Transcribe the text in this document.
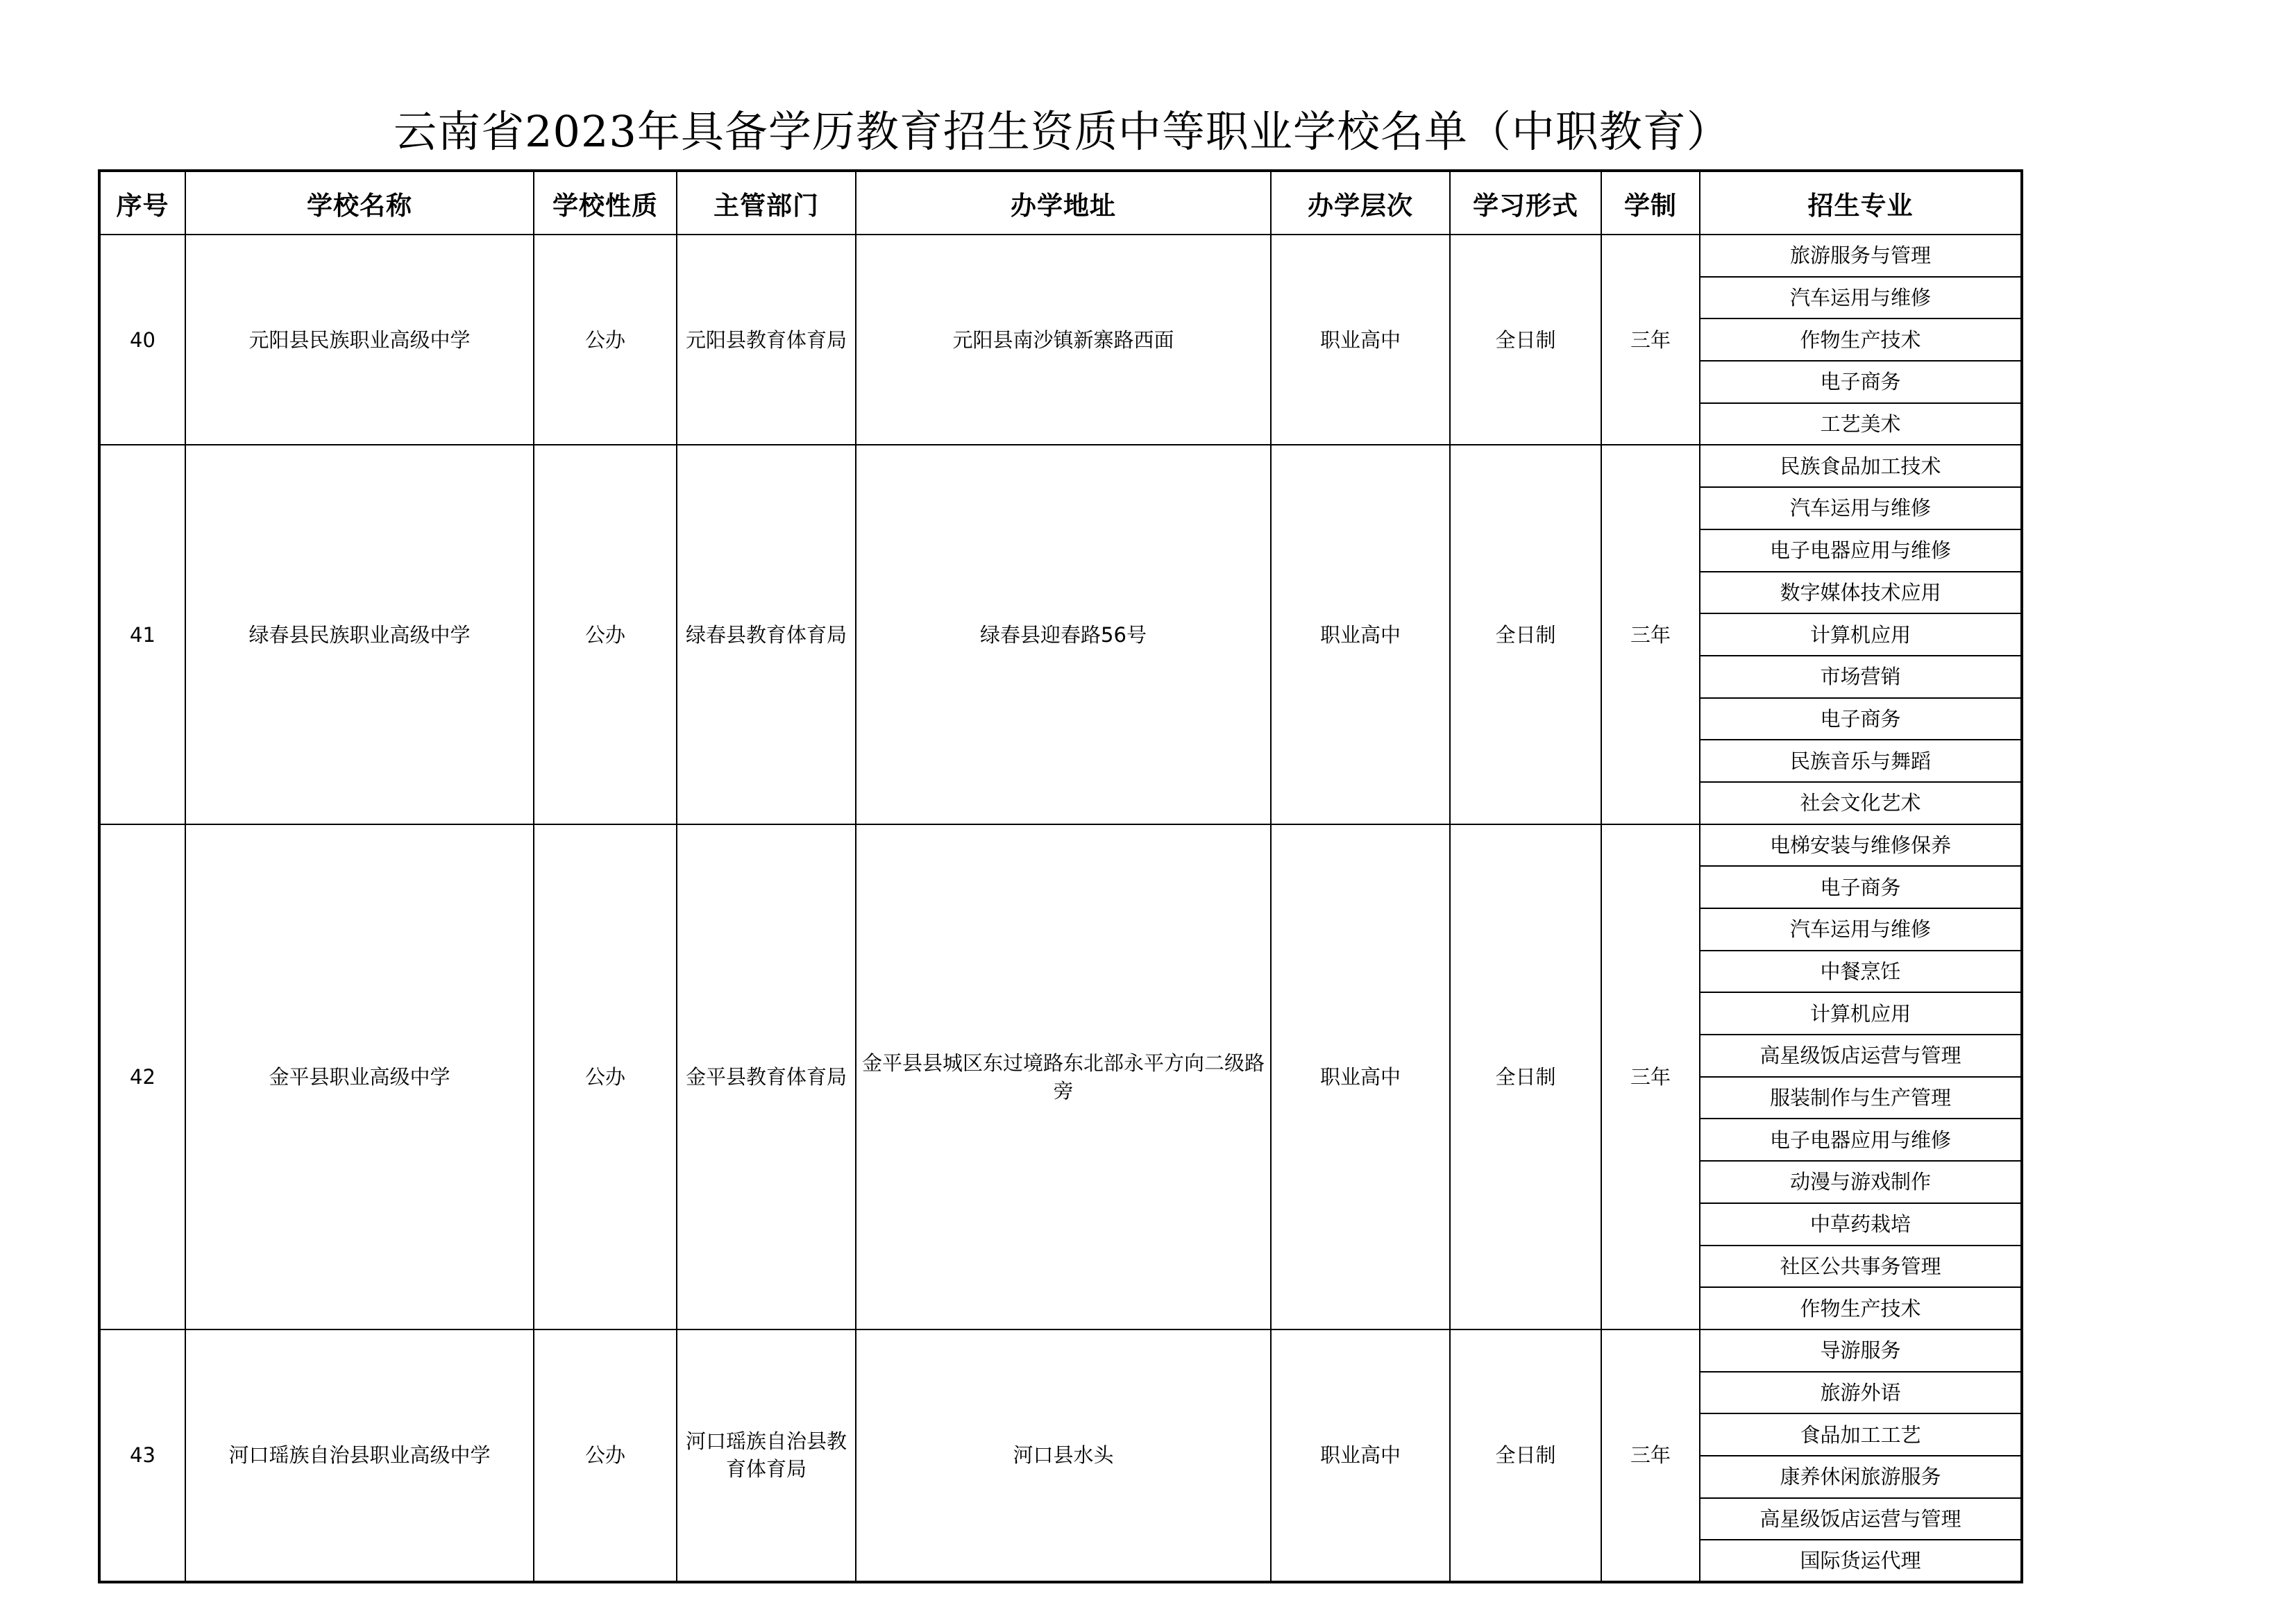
云南省2023年具备学历教育招生资质中等职业学校名单（中职教育）
序号	学校名称	学校性质	主管部门	办学地址	办学层次	学习形式	学制	招生专业
40	元阳县民族职业高级中学	公办	元阳县教育体育局	元阳县南沙镇新寨路西面	职业高中	全日制	三年	旅游服务与管理
								汽车运用与维修
								作物生产技术
								电子商务
								工艺美术
41	绿春县民族职业高级中学	公办	绿春县教育体育局	绿春县迎春路56号	职业高中	全日制	三年	民族食品加工技术
								汽车运用与维修
								电子电器应用与维修
								数字媒体技术应用
								计算机应用
								市场营销
								电子商务
								民族音乐与舞蹈
								社会文化艺术
42	金平县职业高级中学	公办	金平县教育体育局	金平县县城区东过境路东北部永平方向二级路旁	职业高中	全日制	三年	电梯安装与维修保养
								电子商务
								汽车运用与维修
								中餐烹饪
								计算机应用
								高星级饭店运营与管理
								服装制作与生产管理
								电子电器应用与维修
								动漫与游戏制作
								中草药栽培
								社区公共事务管理
								作物生产技术
43	河口瑶族自治县职业高级中学	公办	河口瑶族自治县教育体育局	河口县水头	职业高中	全日制	三年	导游服务
								旅游外语
								食品加工工艺
								康养休闲旅游服务
								高星级饭店运营与管理
								国际货运代理
